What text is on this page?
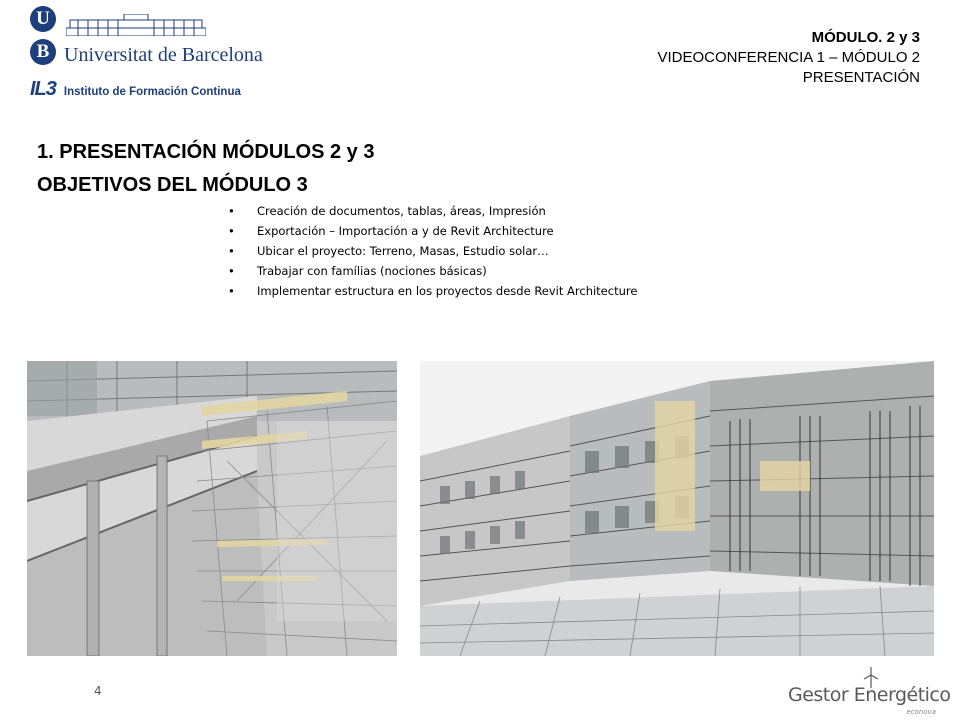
U
B Universitat de Barcelona
IL3 Instituto de Formación Continua
MÓDULO. 2 y 3
VIDEOCONFERENCIA 1 – MÓDULO 2
PRESENTACIÓN
1. PRESENTACIÓN MÓDULOS 2 y 3
OBJETIVOS DEL MÓDULO 3
• Creación de documentos, tablas, áreas, Impresión
• Exportación – Importación a y de Revit Architecture
• Ubicar el proyecto: Terreno, Masas, Estudio solar…
• Trabajar con famílias (nociones básicas)
• Implementar estructura en los proyectos desde Revit Architecture
4	Gestor Energético
econova
